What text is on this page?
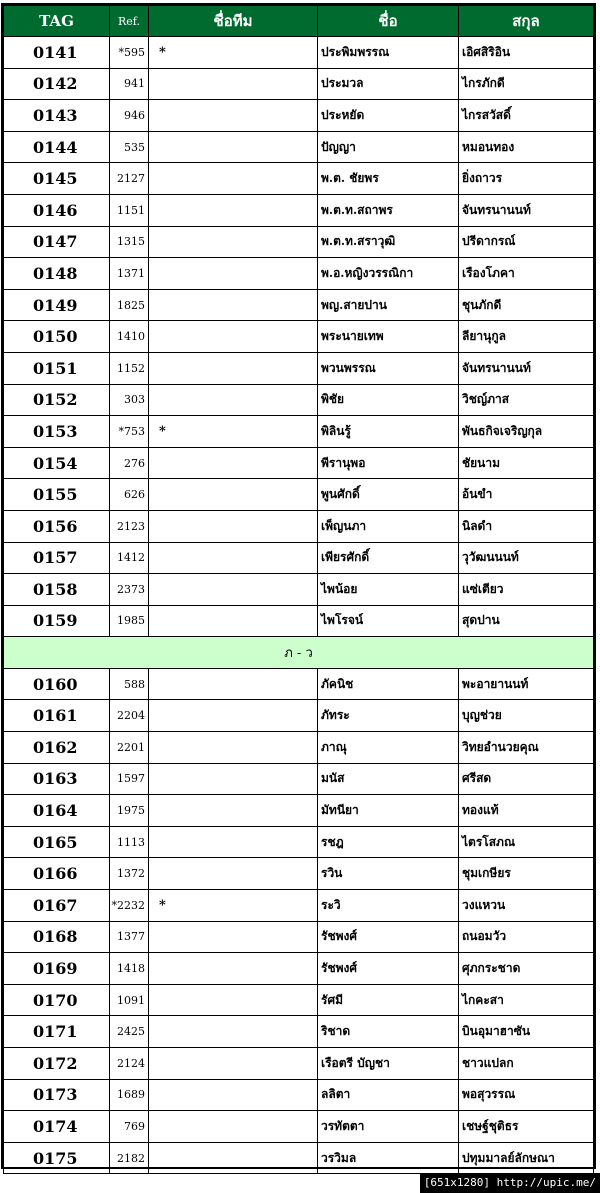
TAG	Ref.	ชื่อทีม	ชื่อ	สกุล
0141	*595	*	ประพิมพรรณ	เอิศสิริอิน
0142	941		ประมวล	ไกรภักดี
0143	946		ประหยัด	ไกรสวัสดิ์
0144	535		ปัญญา	หมอนทอง
0145	2127		พ.ต. ชัยพร	ยิ่งถาวร
0146	1151		พ.ต.ท.สถาพร	จันทรนานนท์
0147	1315		พ.ต.ท.สราวุฒิ	ปรีดากรณ์
0148	1371		พ.อ.หญิงวรรณิกา	เรืองโภคา
0149	1825		พญ.สายปาน	ชุนภักดี
0150	1410		พระนายเทพ	ลียานุกูล
0151	1152		พวนพรรณ	จันทรนานนท์
0152	303		พิชัย	วิชญ์ภาส
0153	*753	*	พิลินรู้	พันธกิจเจริญกุล
0154	276		พีรานุพอ	ชัยนาม
0155	626		พูนศักดิ์	อ้นขำ
0156	2123		เพ็ญนภา	นิลดำ
0157	1412		เพียรศักดิ์	วุวัฒนนนท์
0158	2373		ไพน้อย	แซ่เตียว
0159	1985		ไพโรจน์	สุดปาน
ภ - ว				
0160	588		ภัคนิช	พะอายานนท์
0161	2204		ภัทระ	บุญช่วย
0162	2201		ภาณุ	วิทยอำนวยคุณ
0163	1597		มนัส	ศรีสด
0164	1975		มัทนียา	ทองแท้
0165	1113		รชฎ	ไตรโสภณ
0166	1372		รวิน	ชุมเกษียร
0167	*2232	*	ระวิ	วงแหวน
0168	1377		รัชพงศ์	ถนอมวัว
0169	1418		รัชพงศ์	ศุภกระชาด
0170	1091		รัศมี	ไกคะสา
0171	2425		ริชาด	บินอุมาฮาซัน
0172	2124		เรือตรี บัญชา	ชาวแปลก
0173	1689		ลลิตา	พอสุวรรณ
0174	769		วรทัตตา	เชษฐ์ชุติธร
0175	2182		วรวิมล	ปทุมมาลย์ลักษณา
[651x1280] http://upic.me/
